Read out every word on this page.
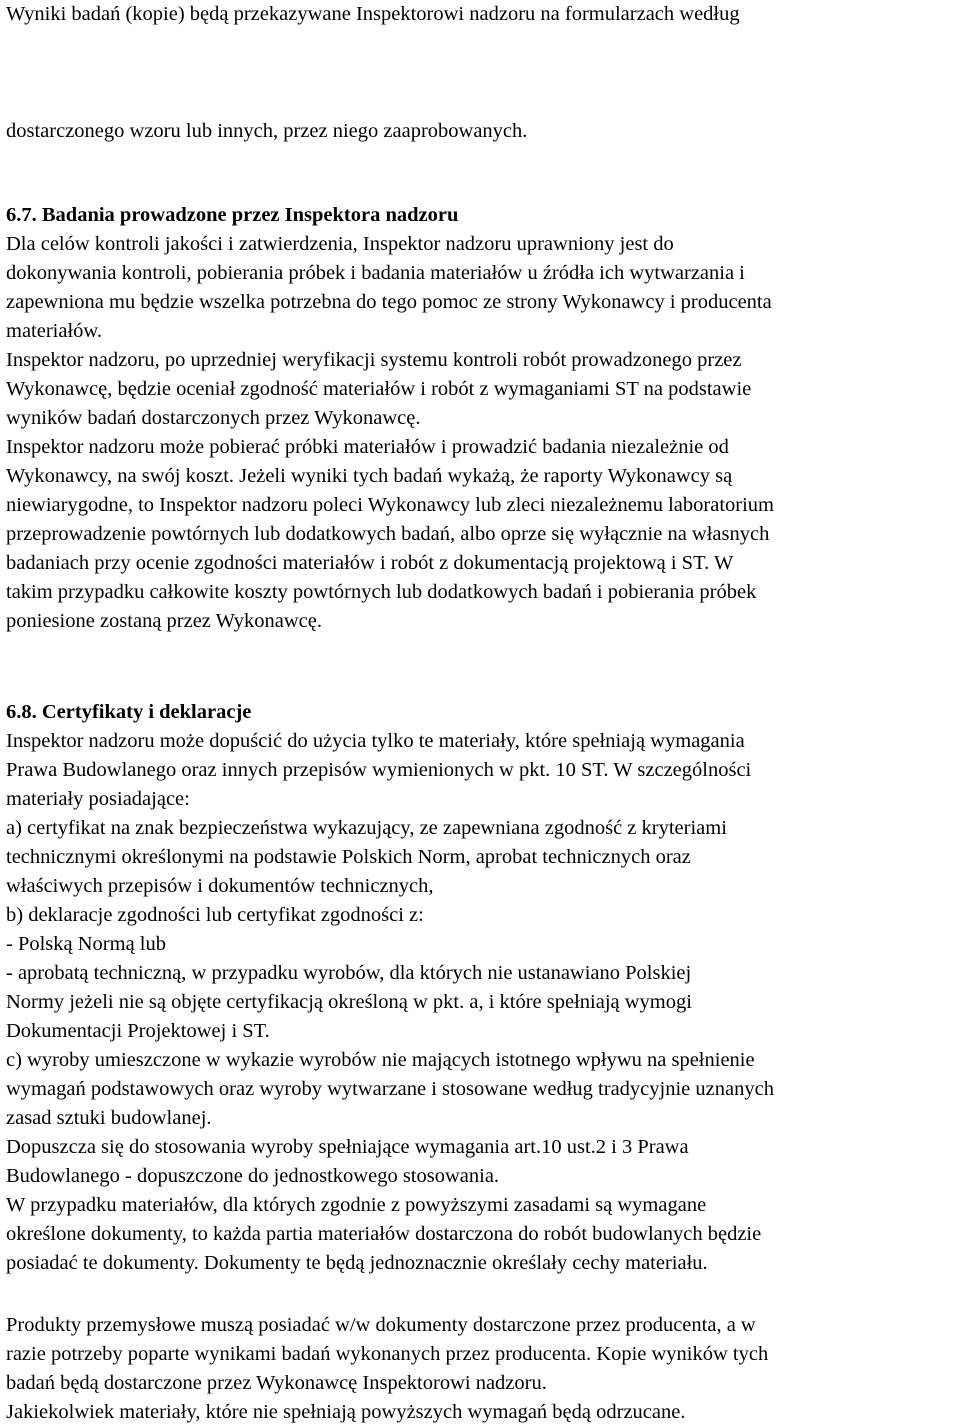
Wyniki badań (kopie) będą przekazywane Inspektorowi nadzoru na formularzach według
dostarczonego wzoru lub innych, przez niego zaaprobowanych.
6.7. Badania prowadzone przez Inspektora nadzoru
Dla celów kontroli jakości i zatwierdzenia, Inspektor nadzoru uprawniony jest do
dokonywania kontroli, pobierania próbek i badania materiałów u źródła ich wytwarzania i
zapewniona mu będzie wszelka potrzebna do tego pomoc ze strony Wykonawcy i producenta
materiałów.
Inspektor nadzoru, po uprzedniej weryfikacji systemu kontroli robót prowadzonego przez
Wykonawcę, będzie oceniał zgodność materiałów i robót z wymaganiami ST na podstawie
wyników badań dostarczonych przez Wykonawcę.
Inspektor nadzoru może pobierać próbki materiałów i prowadzić badania niezależnie od
Wykonawcy, na swój koszt. Jeżeli wyniki tych badań wykażą, że raporty Wykonawcy są
niewiarygodne, to Inspektor nadzoru poleci Wykonawcy lub zleci niezależnemu laboratorium
przeprowadzenie powtórnych lub dodatkowych badań, albo oprze się wyłącznie na własnych
badaniach przy ocenie zgodności materiałów i robót z dokumentacją projektową i ST. W
takim przypadku całkowite koszty powtórnych lub dodatkowych badań i pobierania próbek
poniesione zostaną przez Wykonawcę.
6.8. Certyfikaty i deklaracje
Inspektor nadzoru może dopuścić do użycia tylko te materiały, które spełniają wymagania
Prawa Budowlanego oraz innych przepisów wymienionych w pkt. 10 ST. W szczególności
materiały posiadające:
a) certyfikat na znak bezpieczeństwa wykazujący, ze zapewniana zgodność z kryteriami
technicznymi określonymi na podstawie Polskich Norm, aprobat technicznych oraz
właściwych przepisów i dokumentów technicznych,
b) deklaracje zgodności lub certyfikat zgodności z:
- Polską Normą lub
- aprobatą techniczną, w przypadku wyrobów, dla których nie ustanawiano Polskiej
Normy jeżeli nie są objęte certyfikacją określoną w pkt. a, i które spełniają wymogi
Dokumentacji Projektowej i ST.
c) wyroby umieszczone w wykazie wyrobów nie mających istotnego wpływu na spełnienie
wymagań podstawowych oraz wyroby wytwarzane i stosowane według tradycyjnie uznanych
zasad sztuki budowlanej.
Dopuszcza się do stosowania wyroby spełniające wymagania art.10 ust.2 i 3 Prawa
Budowlanego - dopuszczone do jednostkowego stosowania.
W przypadku materiałów, dla których zgodnie z powyższymi zasadami są wymagane
określone dokumenty, to każda partia materiałów dostarczona do robót budowlanych będzie
posiadać te dokumenty. Dokumenty te będą jednoznacznie określały cechy materiału.
Produkty przemysłowe muszą posiadać w/w dokumenty dostarczone przez producenta, a w
razie potrzeby poparte wynikami badań wykonanych przez producenta. Kopie wyników tych
badań będą dostarczone przez Wykonawcę Inspektorowi nadzoru.
Jakiekolwiek materiały, które nie spełniają powyższych wymagań będą odrzucane.
